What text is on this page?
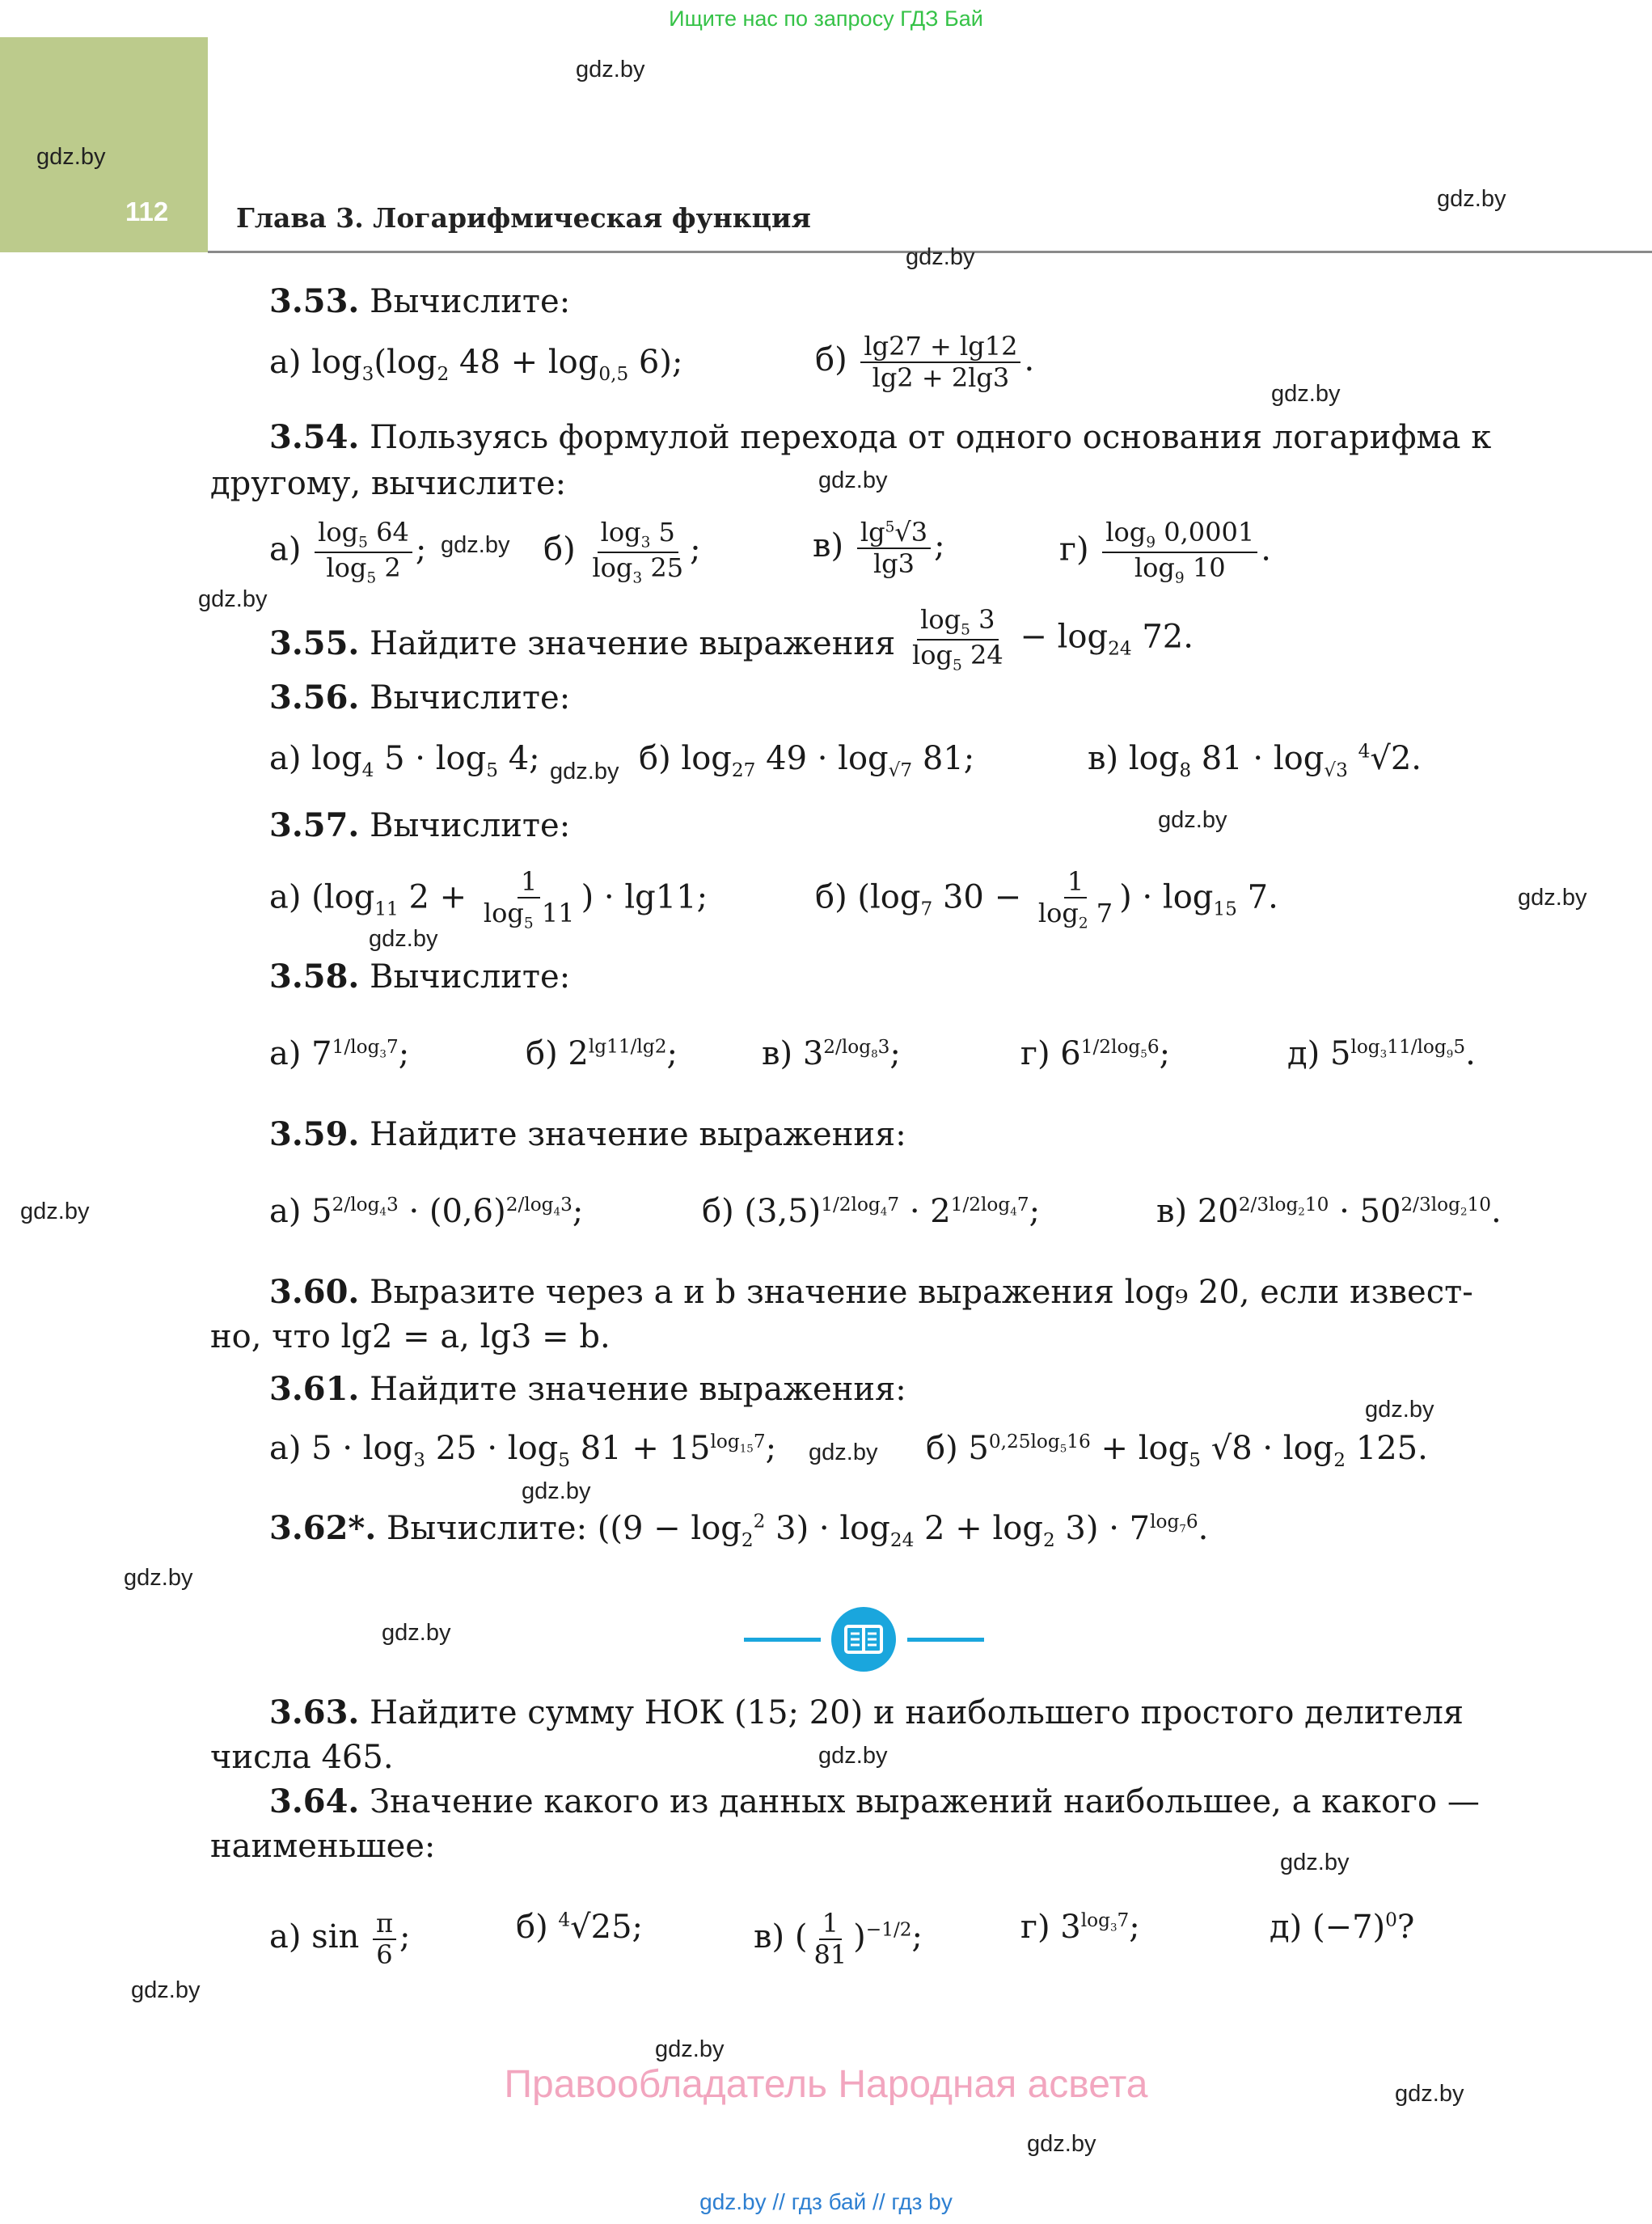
Ищите нас по запросу ГДЗ Бай
112	Глава 3. Логарифмическая функция
gdz.by
gdz.by
gdz.by
gdz.by
gdz.by
gdz.by
gdz.by
gdz.by
gdz.by
gdz.by
gdz.by
gdz.by
gdz.by
gdz.by
gdz.by
gdz.by
gdz.by
gdz.by
gdz.by
gdz.by
gdz.by
gdz.by
gdz.by
gdz.by
3.53. Вычислите:
а) $\log_3(\log_2$ $48 + \log_{0,5} 6$);	$б) \frac{\lg 27 + \lg 12}{\lg 2 + 2\lg 3}$ .
3.54. Пользуясь формулой перехода от одного основания логарифма к
другому, вычислите:
$а) \frac{\log_5 64}{\log_5 2}$ ;	$б) \frac{\log_3 5}{\log_3 25}$ ;	$в) \frac{\lg^5√3}{\lg 3}$ ;	$г) \frac{\log_9 0,0001}{\log_9 10}$ .
3.55. Найдите значение выражения $\frac{\log_5 3}{\log_5 24} - \log_{24} 72$.
3.56. Вычислите:
а) $\log_4 5 \cdot \log_5 4$;	б) $\log_{27} 49 \cdot \log_{√7} 81$;	в) $\log_8 81 \cdot \log_{√3} ^4√2$.
3.57. Вычислите:
а) ($\log_{11}$ $2 + \frac{1}{\log_5 11}$ ) · lg11;	б) ($\log_7$ $30 - \frac{1}{\log_2 7}$ ) · $\log_{15} 7$.
3.58. Вычислите:
а) $7^{1/log_37}$;	б) $2^{lg11/lg2}$;	в) $3^{2/log_83}$;	г) $6^{1/2log_56}$;	д) $5^{log_311/log_95}$.
3.59. Найдите значение выражения:
а) $5^{2/log_43} \cdot (0,6)^{2/log_43}$;	б) $(3,5)^{1/2log_47} \cdot 2^{1/2log_47}$;	в) $20^{2/3log_210} \cdot 50^{2/3log_210}$.
3.60. Выразите через a и b значение выражения log₉ 20, если извест-
но, что lg2 = a, lg3 = b.
3.61. Найдите значение выражения:
а) $5 \cdot \log_3 25 \cdot \log_5 81 + 15^{log_{15}7}$;	б) $5^{0,25log_516} + \log_5 √8 \cdot \log_2 125$.
3.62*. Вычислите: $((9 - \log_2^2 3) \cdot \log_{24} 2 + \log_2 3) \cdot 7^{log_76}$.
3.63. Найдите сумму НОК (15; 20) и наибольшего простого делителя
числа 465.
3.64. Значение какого из данных выражений наибольшее, а какого —
наименьшее:
а) $\sin \frac{\pi}{6}$ ;	б) $^4$√25;	в) ( $\frac{1}{81} )^{-1/2}$;	г) $3^{log_37}$;	д) $(-7)^0$?
Правообладатель Народная асвета
gdz.by // гдз бай // гдз by
